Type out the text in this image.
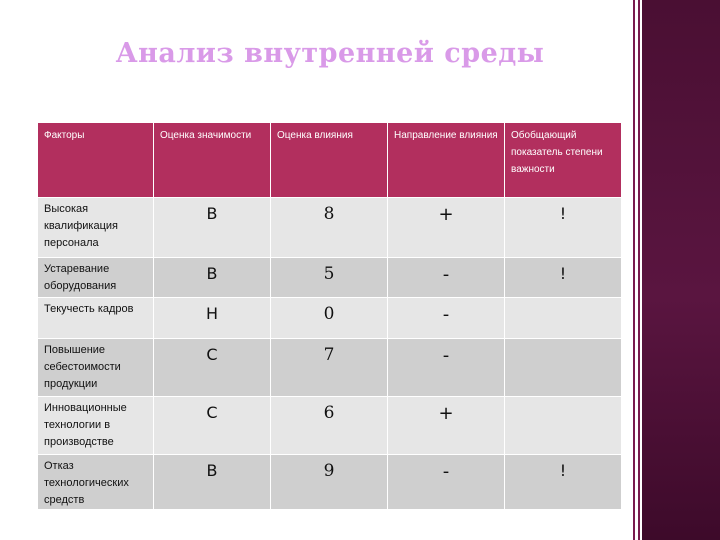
Анализ внутренней среды
Факторы	Оценка значимости	Оценка влияния	Направление влияния	Обобщающий показатель степени важности
Высокая квалификация персонала	В	8	+	!
Устаревание оборудования	В	5	-	!
Текучесть кадров	Н	0	-	
Повышение себестоимости продукции	С	7	-	
Инновационные технологии в производстве	С	6	+	
Отказ технологических средств	В	9	-	!
